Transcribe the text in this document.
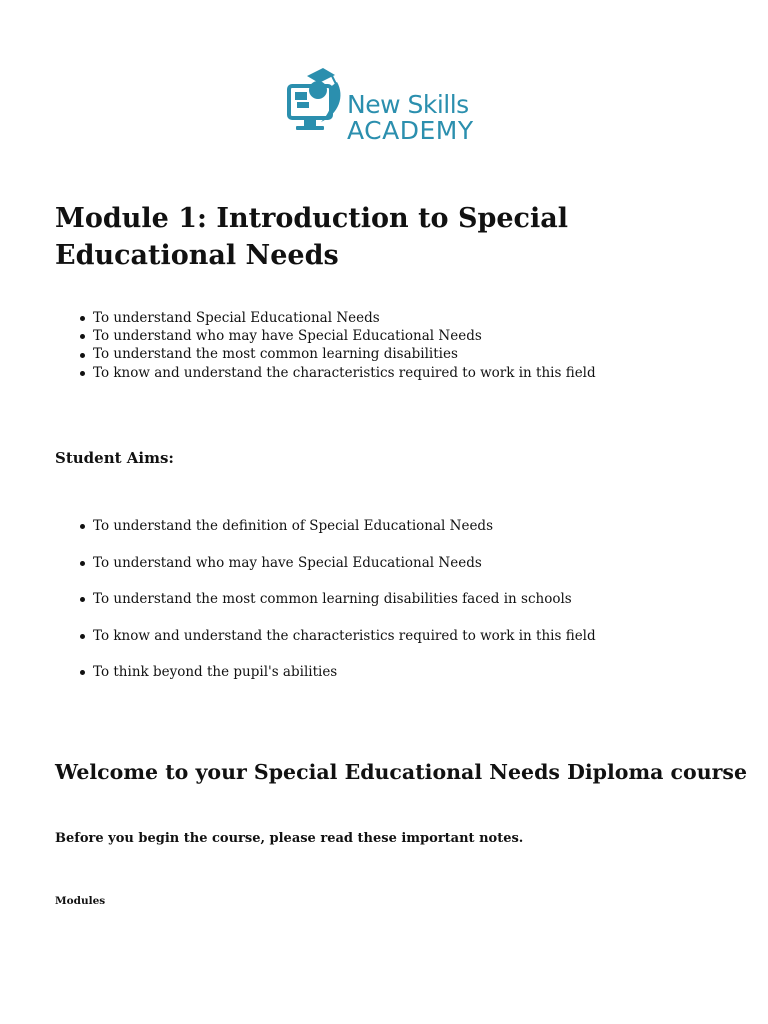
New Skills
ACADEMY
Module 1: Introduction to Special Educational Needs
To understand Special Educational Needs
To understand who may have Special Educational Needs
To understand the most common learning disabilities
To know and understand the characteristics required to work in this field
Student Aims:
To understand the definition of Special Educational Needs
To understand who may have Special Educational Needs
To understand the most common learning disabilities faced in schools
To know and understand the characteristics required to work in this field
To think beyond the pupil's abilities
Welcome to your Special Educational Needs Diploma course

Before you begin the course, please read these important notes.

Modules
